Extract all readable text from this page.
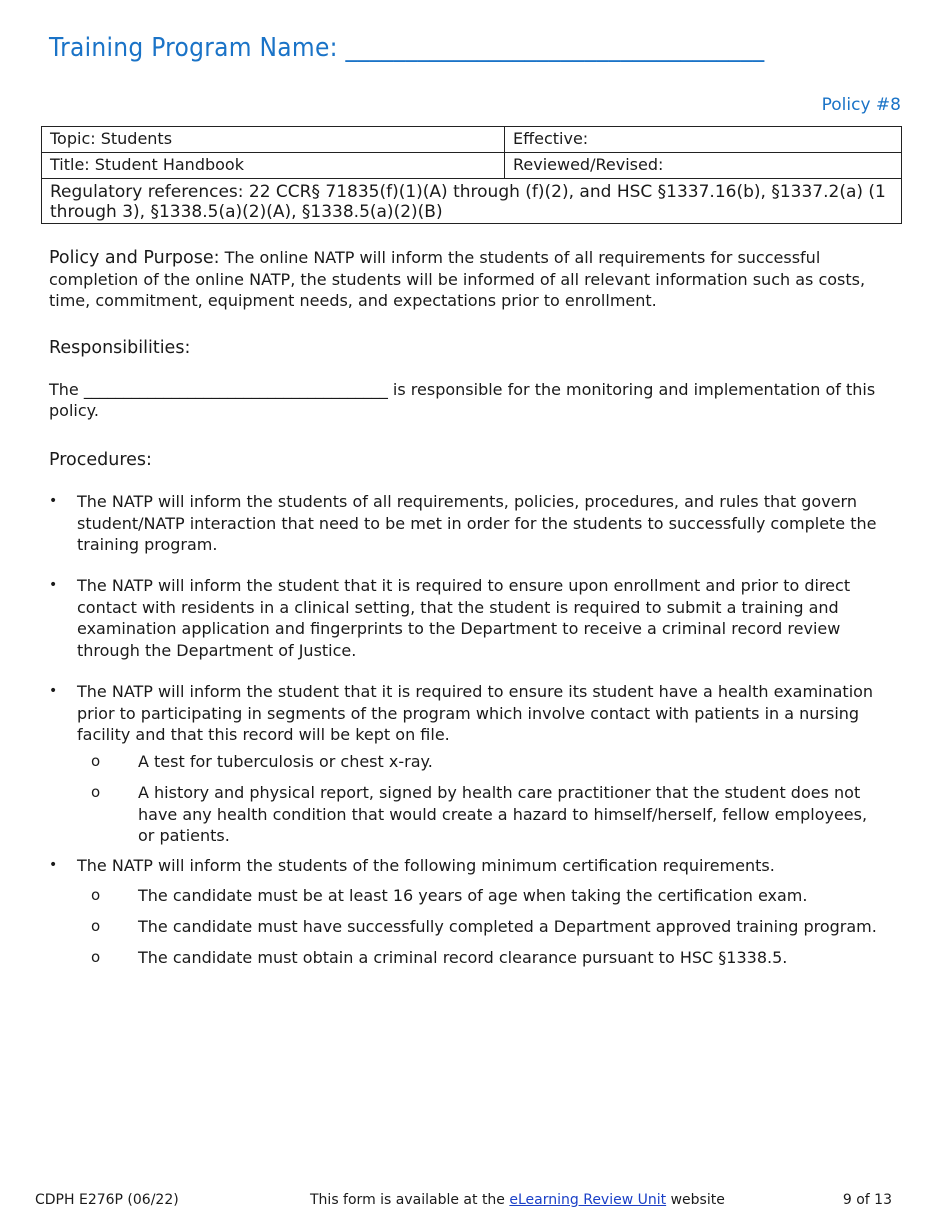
Training Program Name: ___________________________________
Policy #8
Topic: Students	Effective:
Title: Student Handbook	Reviewed/Revised:
Regulatory references: 22 CCR§ 71835(f)(1)(A) through (f)(2), and HSC §1337.16(b), §1337.2(a) (1 through 3), §1338.5(a)(2)(A), §1338.5(a)(2)(B)	
Policy and Purpose: The online NATP will inform the students of all requirements for successful completion of the online NATP, the students will be informed of all relevant information such as costs, time, commitment, equipment needs, and expectations prior to enrollment.
Responsibilities:
The ______________________________________ is responsible for the monitoring and implementation of this policy.
Procedures:
• The NATP will inform the students of all requirements, policies, procedures, and rules that govern student/NATP interaction that need to be met in order for the students to successfully complete the training program.
• The NATP will inform the student that it is required to ensure upon enrollment and prior to direct contact with residents in a clinical setting, that the student is required to submit a training and examination application and fingerprints to the Department to receive a criminal record review through the Department of Justice.
• The NATP will inform the student that it is required to ensure its student have a health examination prior to participating in segments of the program which involve contact with patients in a nursing facility and that this record will be kept on file.
o A test for tuberculosis or chest x-ray.
o A history and physical report, signed by health care practitioner that the student does not have any health condition that would create a hazard to himself/herself, fellow employees, or patients.
• The NATP will inform the students of the following minimum certification requirements.
o The candidate must be at least 16 years of age when taking the certification exam.
o The candidate must have successfully completed a Department approved training program.
o The candidate must obtain a criminal record clearance pursuant to HSC §1338.5.
CDPH E276P (06/22)	This form is available at the eLearning Review Unit website	9 of 13
